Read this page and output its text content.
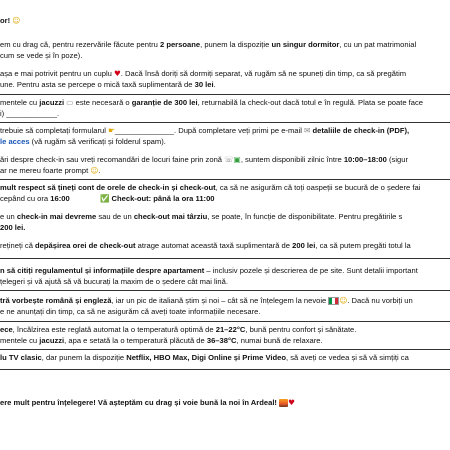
or! ☺
em cu drag că, pentru rezervările făcute pentru 2 persoane, punem la dispoziție un singur dormitor, cu un pat matrimonial
cum se vede și în poze).
așa e mai potrivit pentru un cuplu ♥. Dacă însă doriți să dormiți separat, vă rugăm să ne spuneți din timp, ca să pregătim
une. Pentru asta se percepe o mică taxă suplimentară de 30 lei.
mentele cu jacuzzi ▭ este necesară o garanție de 300 lei, returnabilă la check-out dacă totul e în regulă. Plata se poate face
i) ____________.
trebuie să completați formularul ☛______________. După completare veți primi pe e-mail ✉ detaliile de check-in (PDF),
le acces (vă rugăm să verificați și folderul spam).
ări despre check-in sau vreți recomandări de locuri faine prin zonă ☏▣, suntem disponibili zilnic între 10:00–18:00 (sigur
ar ne mereu foarte prompt ☺.
mult respect să țineți cont de orele de check-in și check-out, ca să ne asigurăm că toți oaspeții se bucură de o ședere fai
cepând cu ora 16:00	✅ Check-out: până la ora 11:00
e un check-in mai devreme sau de un check-out mai târziu, se poate, în funcție de disponibilitate. Pentru pregătirile s
200 lei.
rețineți că depășirea orei de check-out atrage automat această taxă suplimentară de 200 lei, ca să putem pregăti totul la
n să citiți regulamentul și informațiile despre apartament – inclusiv pozele și descrierea de pe site. Sunt detalii important
țelegeri și vă ajută să vă bucurați la maxim de o ședere cât mai lină.
tră vorbește română și engleză, iar un pic de italiană știm și noi – cât să ne înțelegem la nevoie ☺. Dacă nu vorbiți un
e ne anunțați din timp, ca să ne asigurăm că aveți toate informațiile necesare.
ece, încălzirea este reglată automat la o temperatură optimă de 21–22°C, bună pentru confort și sănătate.
mentele cu jacuzzi, apa e setată la o temperatură plăcută de 36–38°C, numai bună de relaxare.
lu TV clasic, dar punem la dispoziție Netflix, HBO Max, Digi Online și Prime Video, să aveți ce vedea și să vă simțiți ca
ere mult pentru înțelegere! Vă așteptăm cu drag și voie bună la noi în Ardeal! ♥
